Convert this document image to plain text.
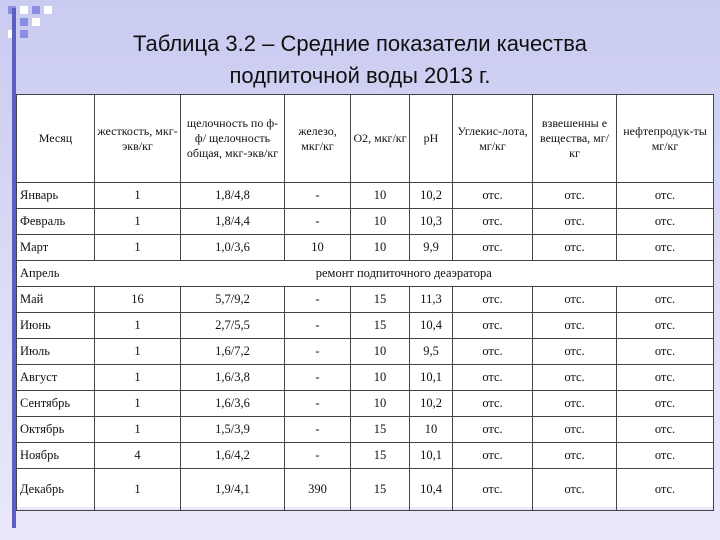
Таблица 3.2 – Средние показатели качества
подпиточной воды 2013 г.
Месяц	жесткость, мкг-экв/кг	щелочность по ф-ф/ щелочность общая, мкг-экв/кг	железо, мкг/кг	O2, мкг/кг	pH	Углекис-лота, мг/кг	взвешенны е вещества, мг/кг	нефтепродук-ты мг/кг
Январь	1	1,8/4,8	-	10	10,2	отс.	отс.	отс.
Февраль	1	1,8/4,4	-	10	10,3	отс.	отс.	отс.
Март	1	1,0/3,6	10	10	9,9	отс.	отс.	отс.
Апрель	ремонт подпиточного деаэратора							
Май	16	5,7/9,2	-	15	11,3	отс.	отс.	отс.
Июнь	1	2,7/5,5	-	15	10,4	отс.	отс.	отс.
Июль	1	1,6/7,2	-	10	9,5	отс.	отс.	отс.
Август	1	1,6/3,8	-	10	10,1	отс.	отс.	отс.
Сентябрь	1	1,6/3,6	-	10	10,2	отс.	отс.	отс.
Октябрь	1	1,5/3,9	-	15	10	отс.	отс.	отс.
Ноябрь	4	1,6/4,2	-	15	10,1	отс.	отс.	отс.
Декабрь	1	1,9/4,1	390	15	10,4	отс.	отс.	отс.
